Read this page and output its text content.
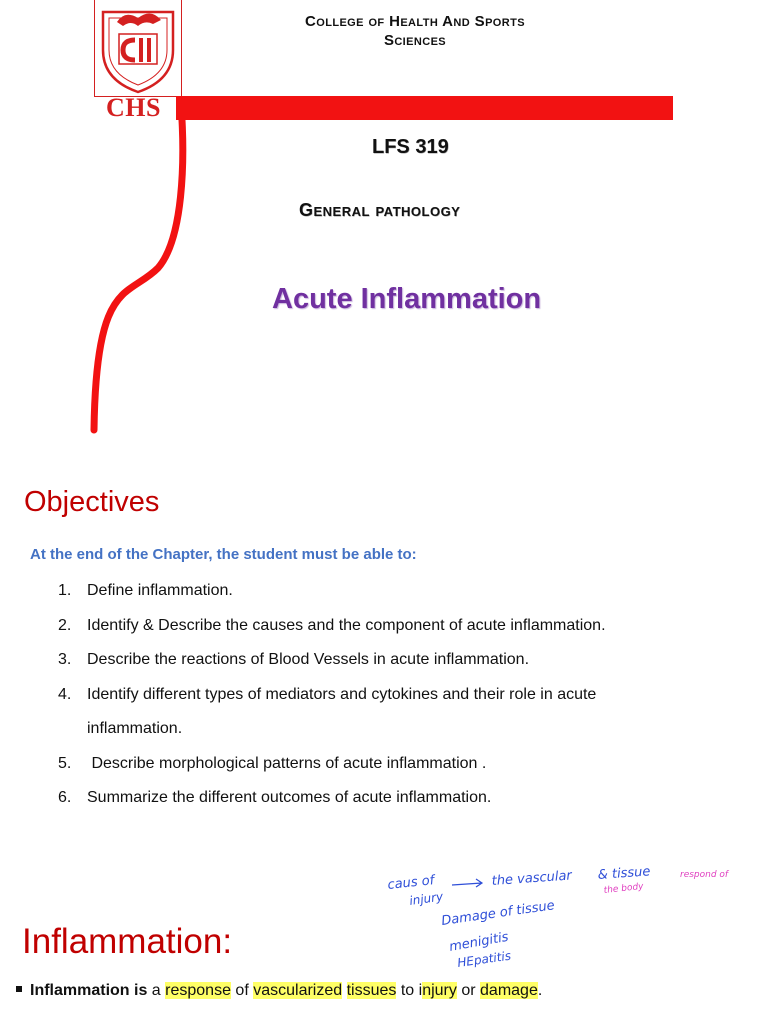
CHS
College of Health And Sports
Sciences
LFS 319
General pathology
Acute Inflammation
Objectives
At the end of the Chapter, the student must be able to:
1. Define inflammation.
2. Identify & Describe the causes and the component of acute inflammation.
3. Describe the reactions of Blood Vessels in acute inflammation.
4. Identify different types of mediators and cytokines and their role in acute
inflammation.
5. Describe morphological patterns of acute inflammation .
6. Summarize the different outcomes of acute inflammation.
caus of
injury
the vascular & tissue	respond of
the body
Damage of tissue
menigitis
HEpatitis
Inflammation:
Inflammation is a response of vascularized tissues to injury or damage.
